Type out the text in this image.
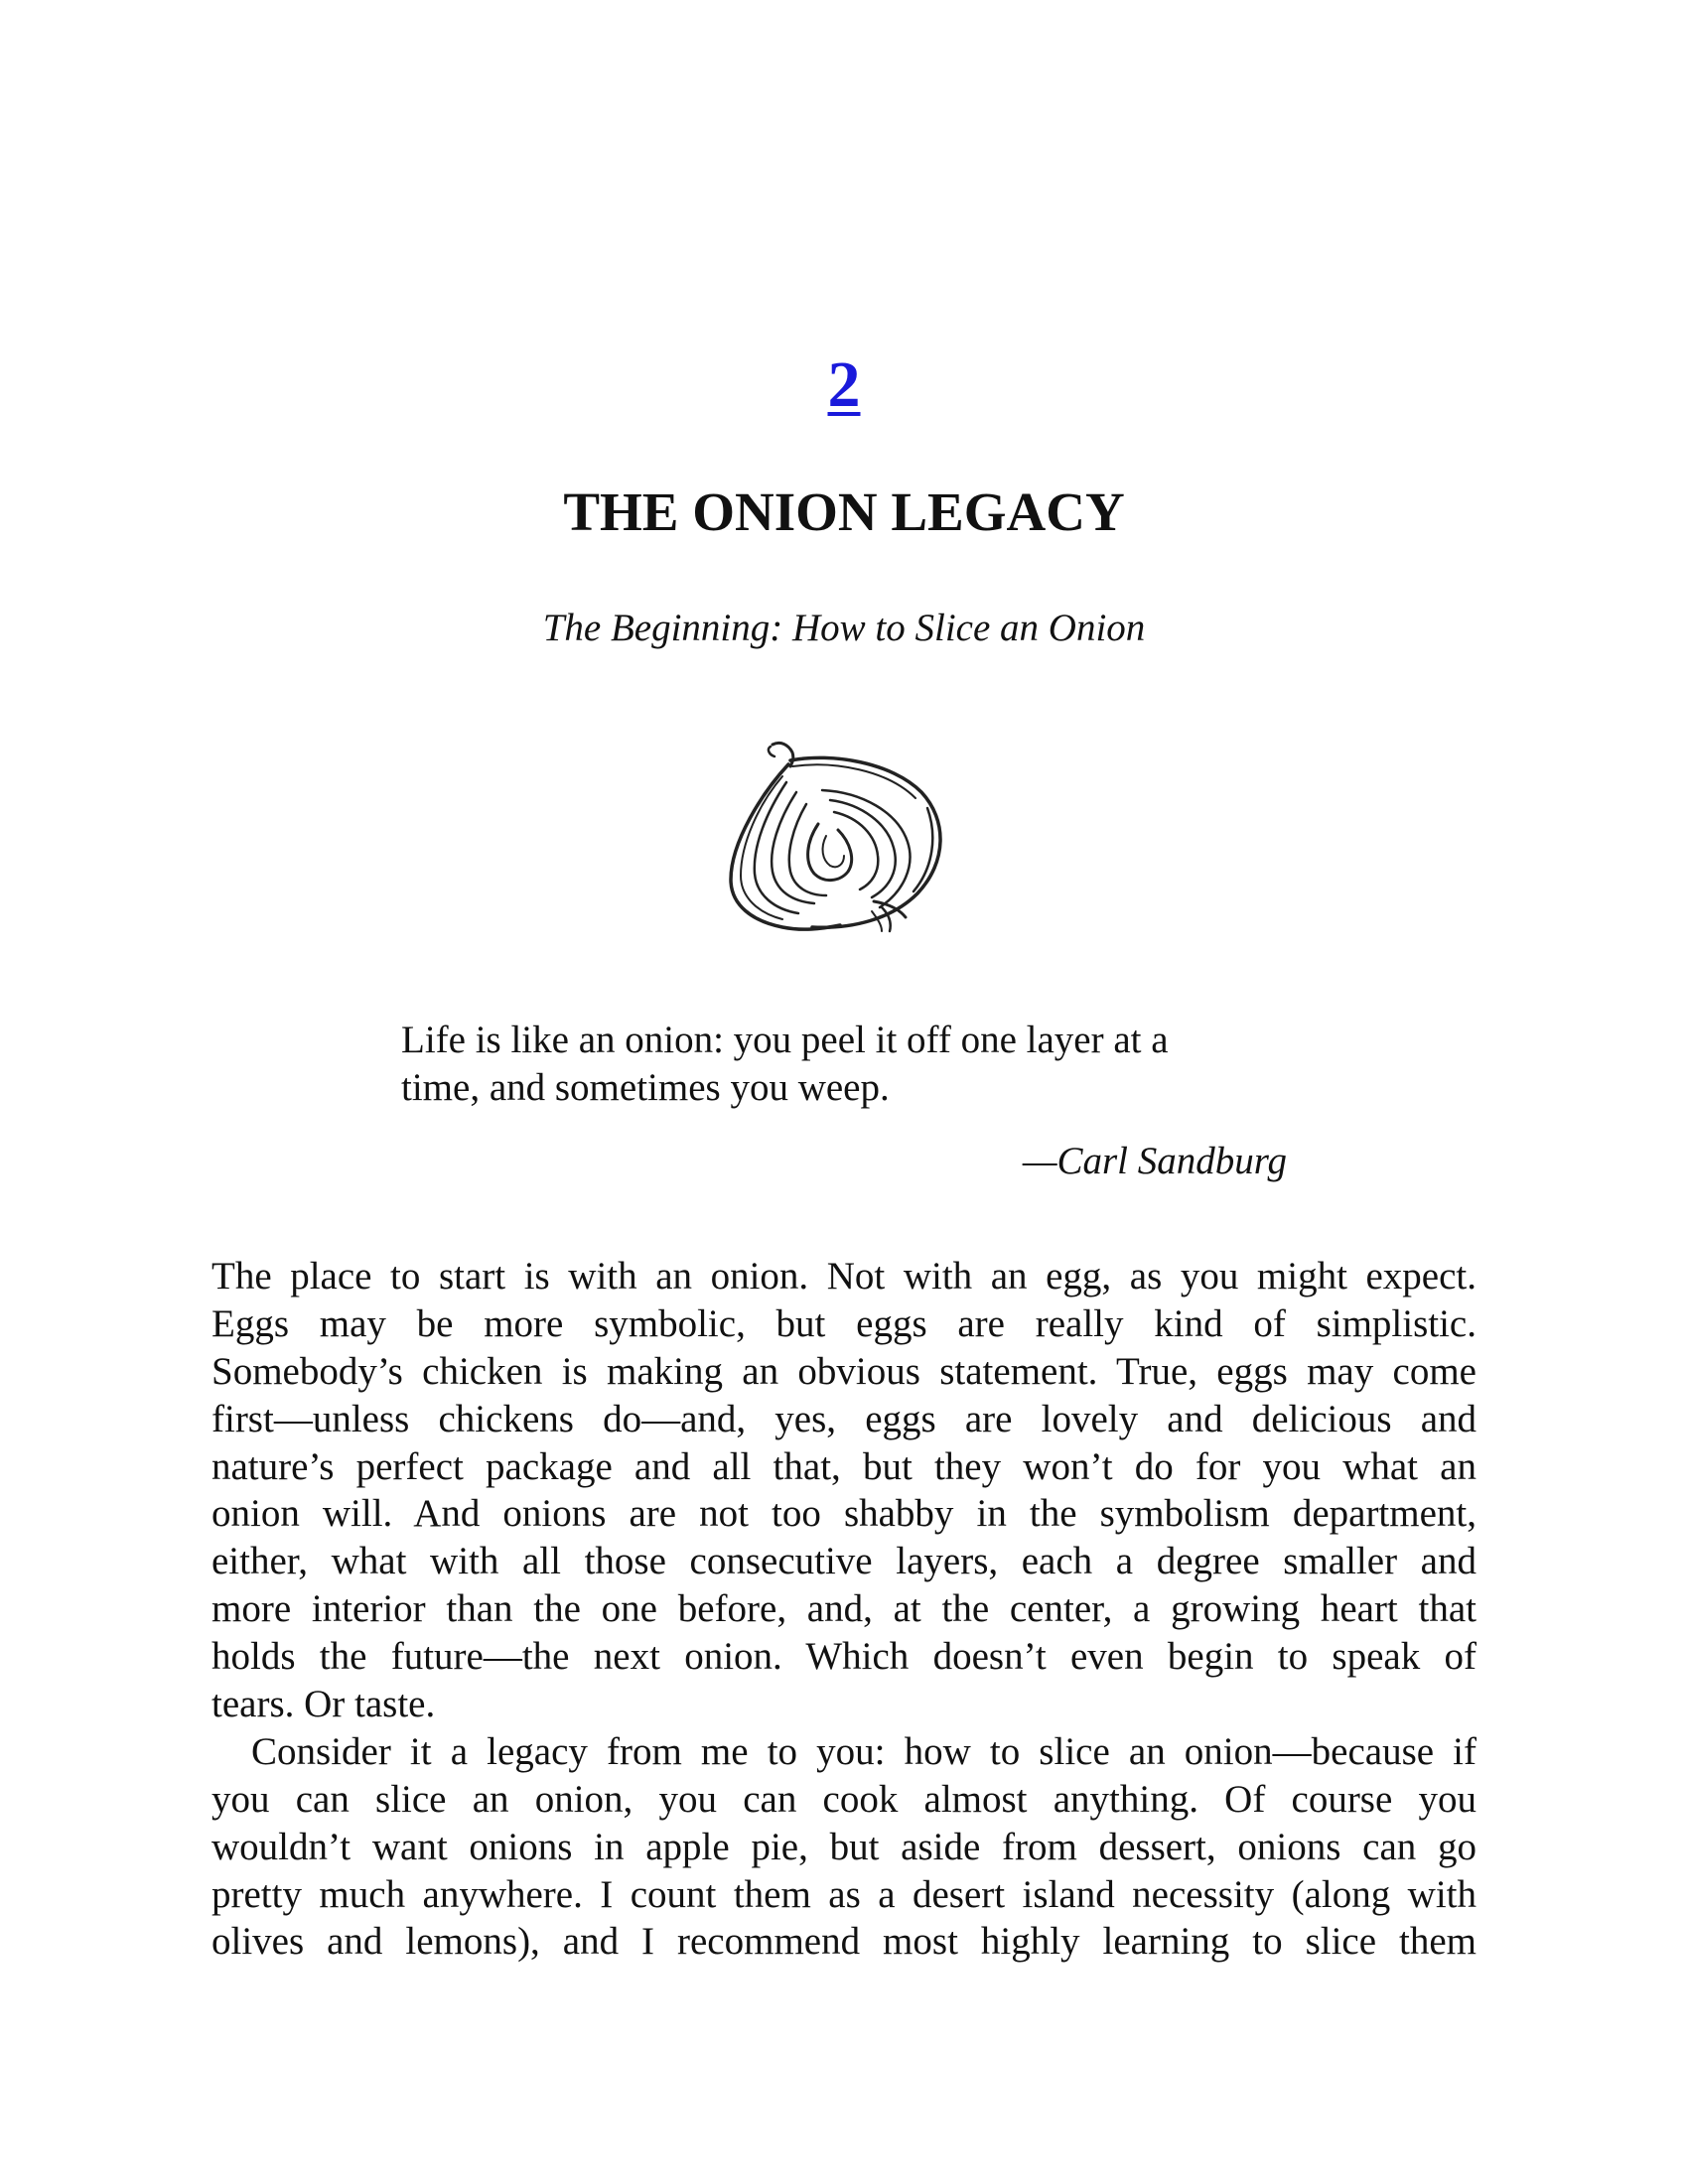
2
THE ONION LEGACY

The Beginning: How to Slice an Onion

Life is like an onion: you peel it off one layer at a
time, and sometimes you weep.

—Carl Sandburg

The place to start is with an onion. Not with an egg, as you might expect.
Eggs may be more symbolic, but eggs are really kind of simplistic.
Somebody’s chicken is making an obvious statement. True, eggs may come
first—unless chickens do—and, yes, eggs are lovely and delicious and
nature’s perfect package and all that, but they won’t do for you what an
onion will. And onions are not too shabby in the symbolism department,
either, what with all those consecutive layers, each a degree smaller and
more interior than the one before, and, at the center, a growing heart that
holds the future—the next onion. Which doesn’t even begin to speak of
tears. Or taste.
Consider it a legacy from me to you: how to slice an onion—because if
you can slice an onion, you can cook almost anything. Of course you
wouldn’t want onions in apple pie, but aside from dessert, onions can go
pretty much anywhere. I count them as a desert island necessity (along with
olives and lemons), and I recommend most highly learning to slice them
